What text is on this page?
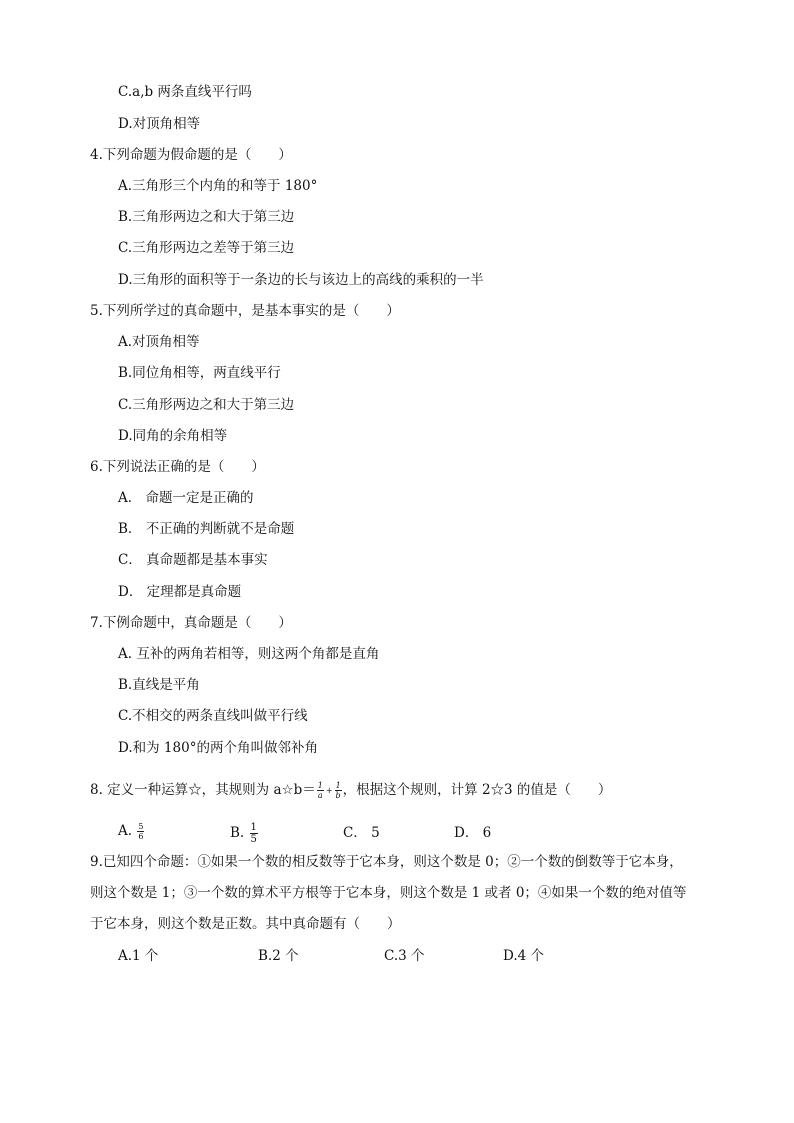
C.a,b 两条直线平行吗
D.对顶角相等
4.下列命题为假命题的是（　　）
A.三角形三个内角的和等于 180°
B.三角形两边之和大于第三边
C.三角形两边之差等于第三边
D.三角形的面积等于一条边的长与该边上的高线的乘积的一半
5.下列所学过的真命题中，是基本事实的是（　　）
A.对顶角相等
B.同位角相等，两直线平行
C.三角形两边之和大于第三边
D.同角的余角相等
6.下列说法正确的是（　　）
A． 命题一定是正确的
B． 不正确的判断就不是命题
C． 真命题都是基本事实
D． 定理都是真命题
7.下例命题中，真命题是（　　）
A. 互补的两角若相等，则这两个角都是直角
B.直线是平角
C.不相交的两条直线叫做平行线
D.和为 180°的两个角叫做邻补角
8. 定义一种运算☆，其规则为 a☆b＝ $\frac{1}{a} + \frac{1}{b}$ ，根据这个规则，计算 2☆3 的值是（　　）
A. $\frac{5}{6}$	B. $\frac{1}{5}$	C． 5	D． 6
9.已知四个命题：①如果一个数的相反数等于它本身，则这个数是 0；②一个数的倒数等于它本身，
则这个数是 1；③一个数的算术平方根等于它本身，则这个数是 1 或者 0；④如果一个数的绝对值等
于它本身，则这个数是正数。其中真命题有（　　）
A.1 个	B.2 个	C.3 个	D.4 个
